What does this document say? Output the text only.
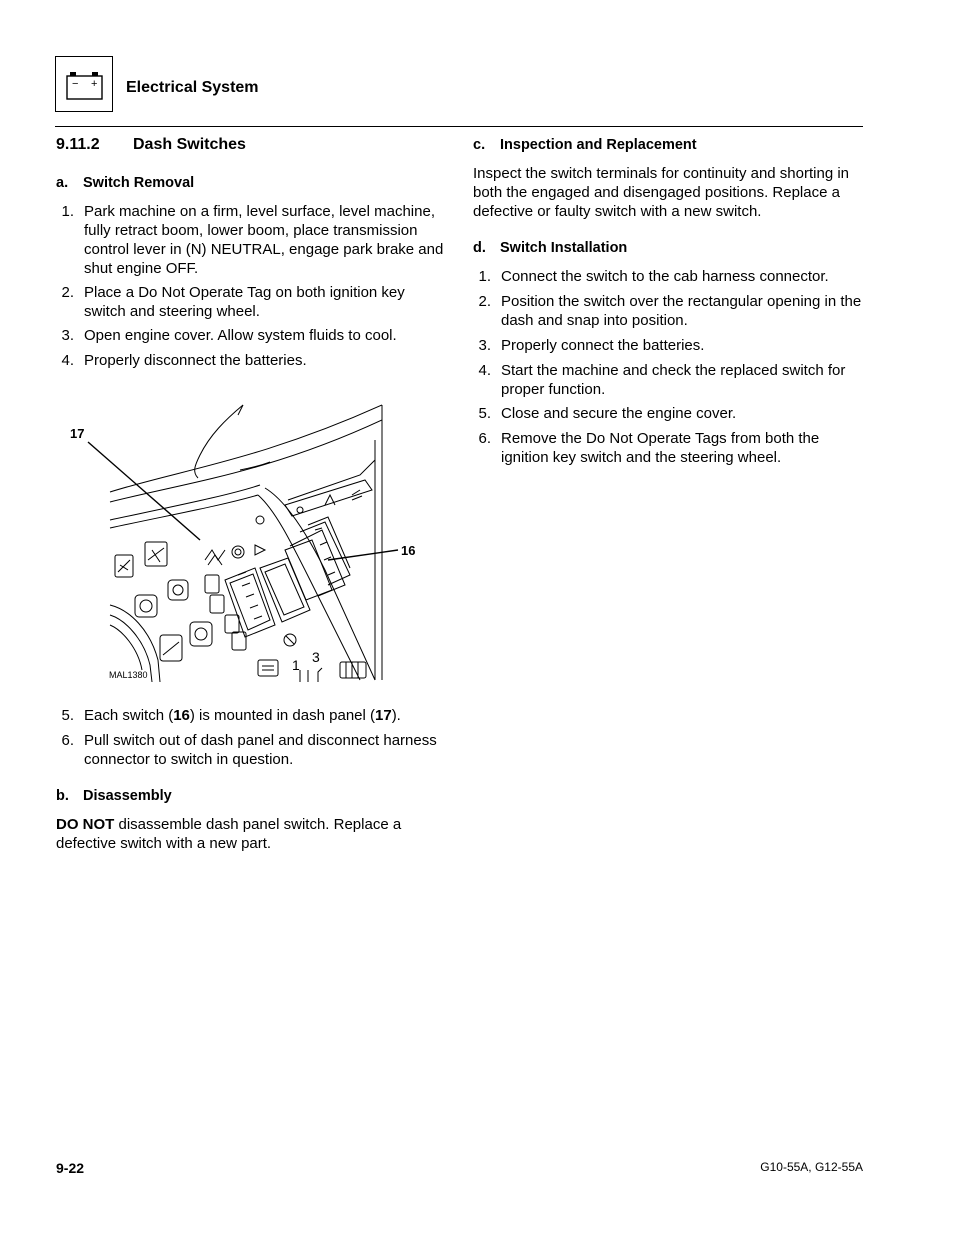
− + Electrical System
9.11.2 Dash Switches
a. Switch Removal
1. Park machine on a firm, level surface, level machine, fully retract boom, lower boom, place transmission control lever in (N) NEUTRAL, engage park brake and shut engine OFF.
2. Place a Do Not Operate Tag on both ignition key switch and steering wheel.
3. Open engine cover. Allow system fluids to cool.
4. Properly disconnect the batteries.
5. Each switch (16) is mounted in dash panel (17).
6. Pull switch out of dash panel and disconnect harness connector to switch in question.
b. Disassembly
DO NOT disassemble dash panel switch. Replace a defective switch with a new part.
1 3
17
16
MAL1380
c. Inspection and Replacement
Inspect the switch terminals for continuity and shorting in both the engaged and disengaged positions. Replace a defective or faulty switch with a new switch.
d. Switch Installation
1. Connect the switch to the cab harness connector.
2. Position the switch over the rectangular opening in the dash and snap into position.
3. Properly connect the batteries.
4. Start the machine and check the replaced switch for proper function.
5. Close and secure the engine cover.
6. Remove the Do Not Operate Tags from both the ignition key switch and the steering wheel.
9-22	G10-55A, G12-55A
